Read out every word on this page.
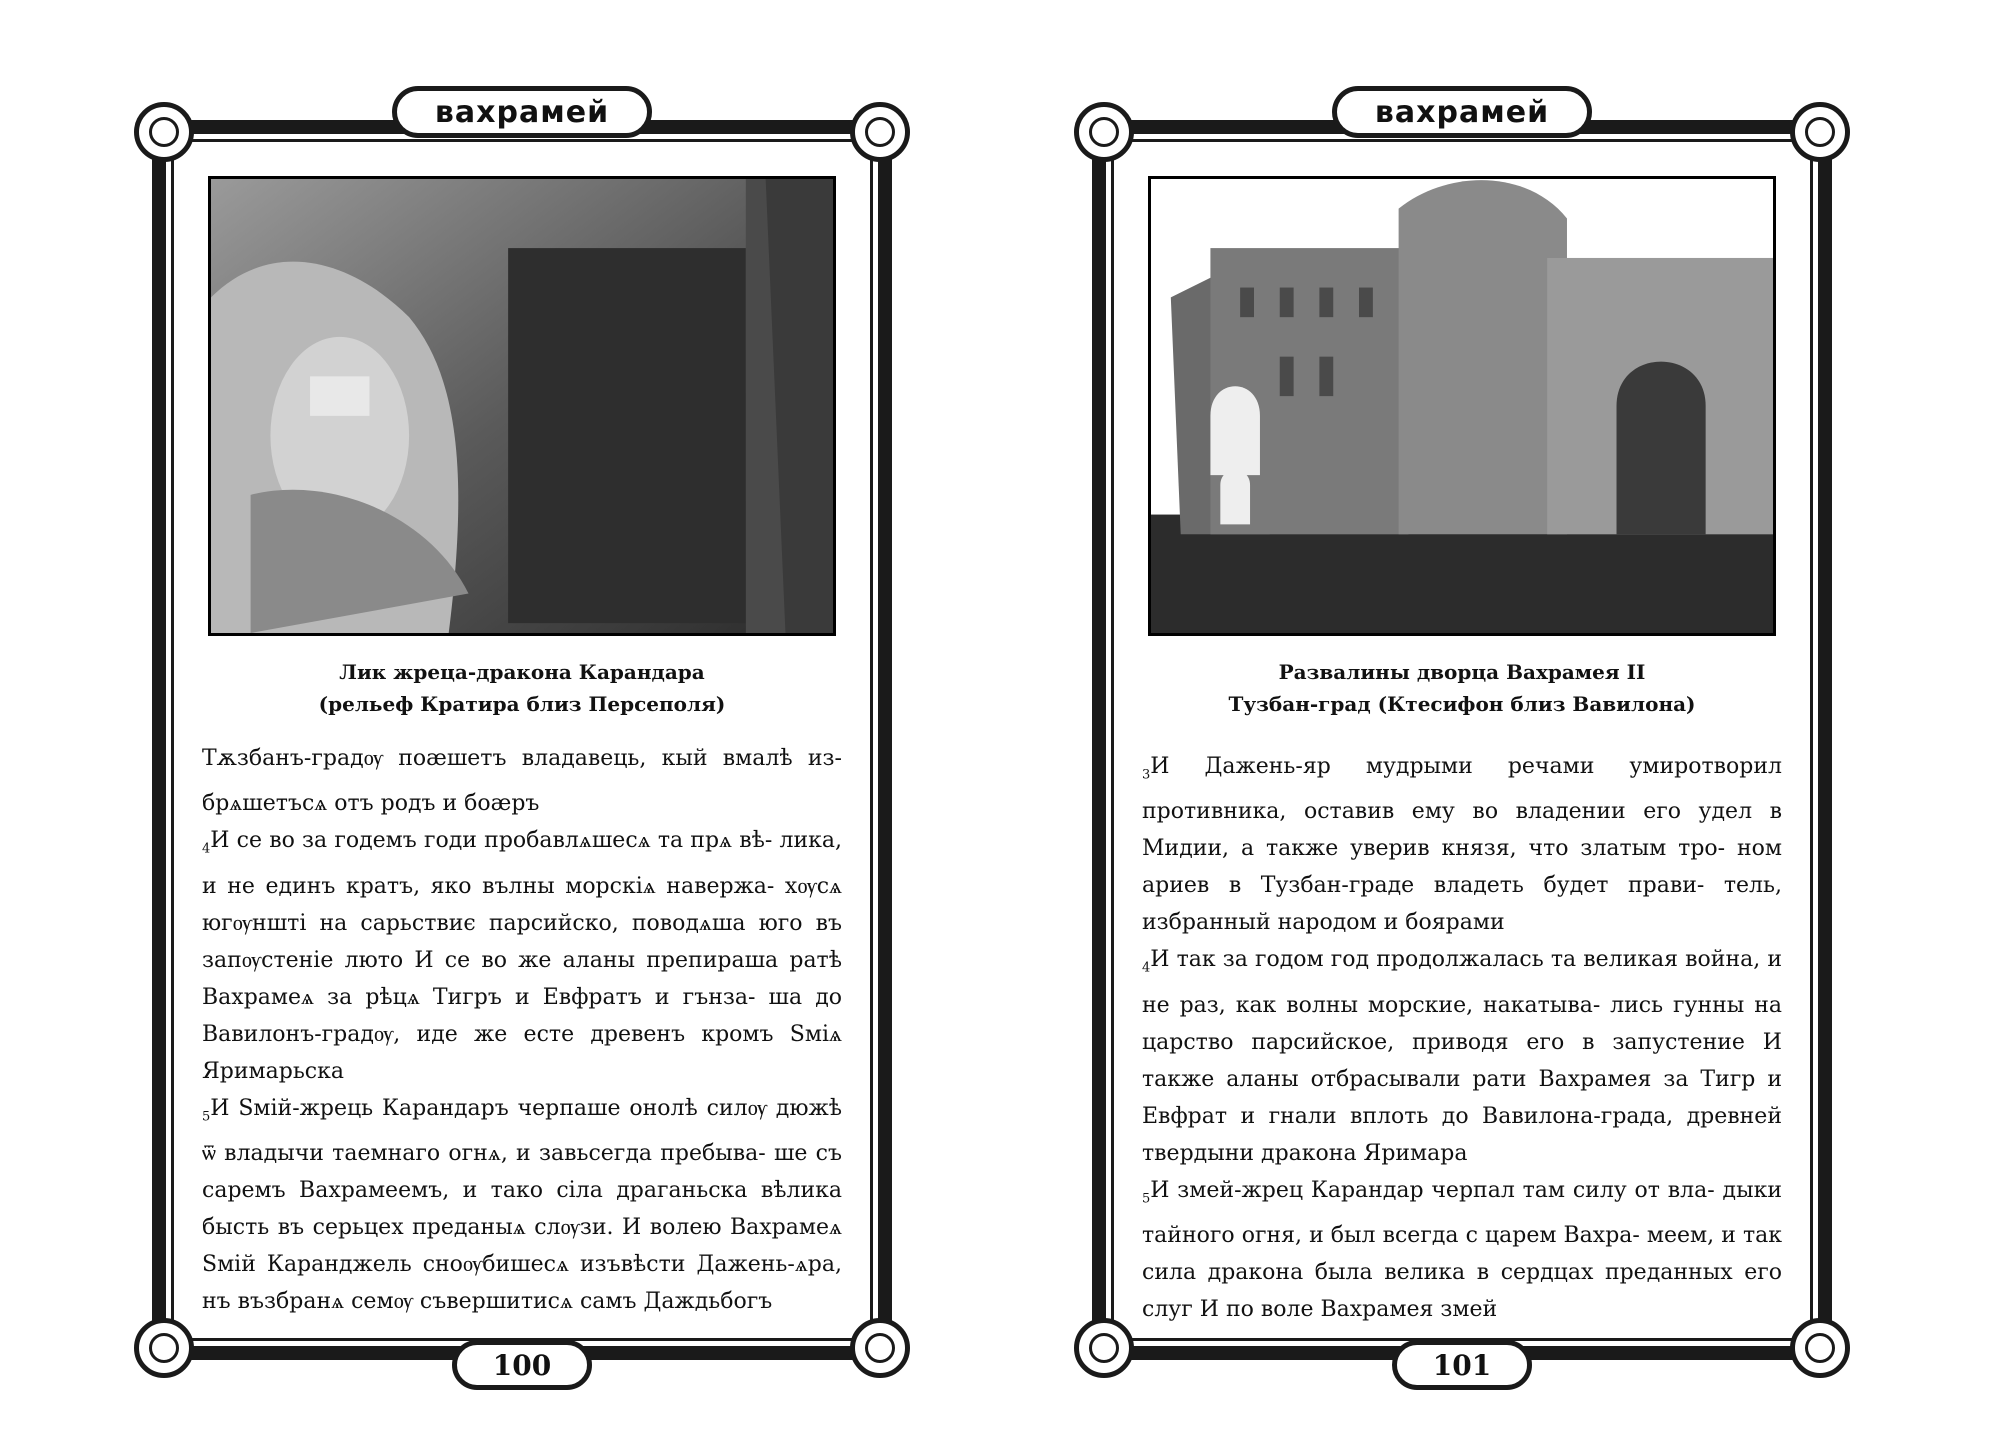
вахрамей
Лик жреца-дракона Карандара
(рельеф Кратира близ Персеполя)

Тѫзбанъ-градѹ поӕшетъ владавець, кый вмалѣ из- брѧшетъсѧ отъ родъ и боӕръ

$_4$И се во за годемъ годи пробавлѧшесѧ та прѧ вѣ- лика, и не единъ кратъ, яко вълны морскіѧ навержа- хѹсѧ югѹнштi на сарьствиє парсийско, поводѧша юго въ запѹстенiе люто И се во же аланы препираша ратѣ Вахрамеѧ за рѣцѧ Тигръ и Евфратъ и гънза- ша до Вавилонъ-градѹ, иде же есте древенъ кромъ Ѕмiѧ Яримарьска

$_5$И Ѕмiй-жрець Карандаръ черпаше онолѣ силѹ дюжѣ ѿ владычи таемнаго огнѧ, и завьсегда пребыва- ше съ саремъ Вахрамеемъ, и тако сiла драганьска вѣлика бысть въ серьцех преданыѧ слѹзи. И волею Вахрамеѧ Ѕмiй Каранджель сноѹбишесѧ изъвѣсти Дажень-ѧра, нъ възбранѧ семѹ съвершитисѧ самъ Даждьбогъ

100
вахрамей
Развалины дворца Вахрамея II
Тузбан-град (Ктесифон близ Вавилона)

$_3$И Дажень-яр мудрыми речами умиротворил противника, оставив ему во владении его удел в Мидии, а также уверив князя, что златым тро- ном ариев в Тузбан-граде владеть будет прави- тель, избранный народом и боярами

$_4$И так за годом год продолжалась та великая война, и не раз, как волны морские, накатыва- лись гунны на царство парсийское, приводя его в запустение И также аланы отбрасывали рати Вахрамея за Тигр и Евфрат и гнали вплоть до Вавилона-града, древней твердыни дракона Яримара

$_5$И змей-жрец Карандар черпал там силу от вла- дыки тайного огня, и был всегда с царем Вахра- меем, и так сила дракона была велика в сердцах преданных его слуг И по воле Вахрамея змей

101
